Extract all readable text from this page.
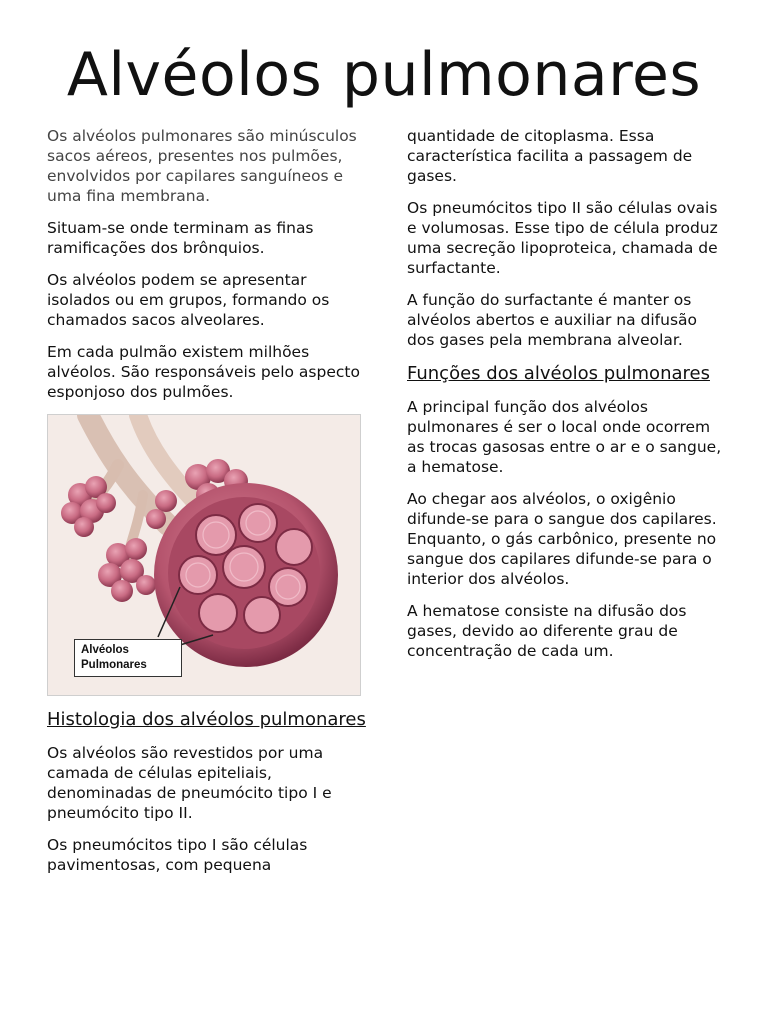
Alvéolos pulmonares

Os alvéolos pulmonares são minúsculos sacos aéreos, presentes nos pulmões, envolvidos por capilares sanguíneos e uma fina membrana.

Situam-se onde terminam as finas ramificações dos brônquios.

Os alvéolos podem se apresentar isolados ou em grupos, formando os chamados sacos alveolares.

Em cada pulmão existem milhões alvéolos. São responsáveis pelo aspecto esponjoso dos pulmões.

Alvéolos Pulmonares
Histologia dos alvéolos pulmonares

Os alvéolos são revestidos por uma camada de células epiteliais, denominadas de pneumócito tipo I e pneumócito tipo II.

Os pneumócitos tipo I são células pavimentosas, com pequena

quantidade de citoplasma. Essa característica facilita a passagem de gases.

Os pneumócitos tipo II são células ovais e volumosas. Esse tipo de célula produz uma secreção lipoproteica, chamada de surfactante.

A função do surfactante é manter os alvéolos abertos e auxiliar na difusão dos gases pela membrana alveolar.

Funções dos alvéolos pulmonares

A principal função dos alvéolos pulmonares é ser o local onde ocorrem as trocas gasosas entre o ar e o sangue, a hematose.

Ao chegar aos alvéolos, o oxigênio difunde-se para o sangue dos capilares. Enquanto, o gás carbônico, presente no sangue dos capilares difunde-se para o interior dos alvéolos.

A hematose consiste na difusão dos gases, devido ao diferente grau de concentração de cada um.
